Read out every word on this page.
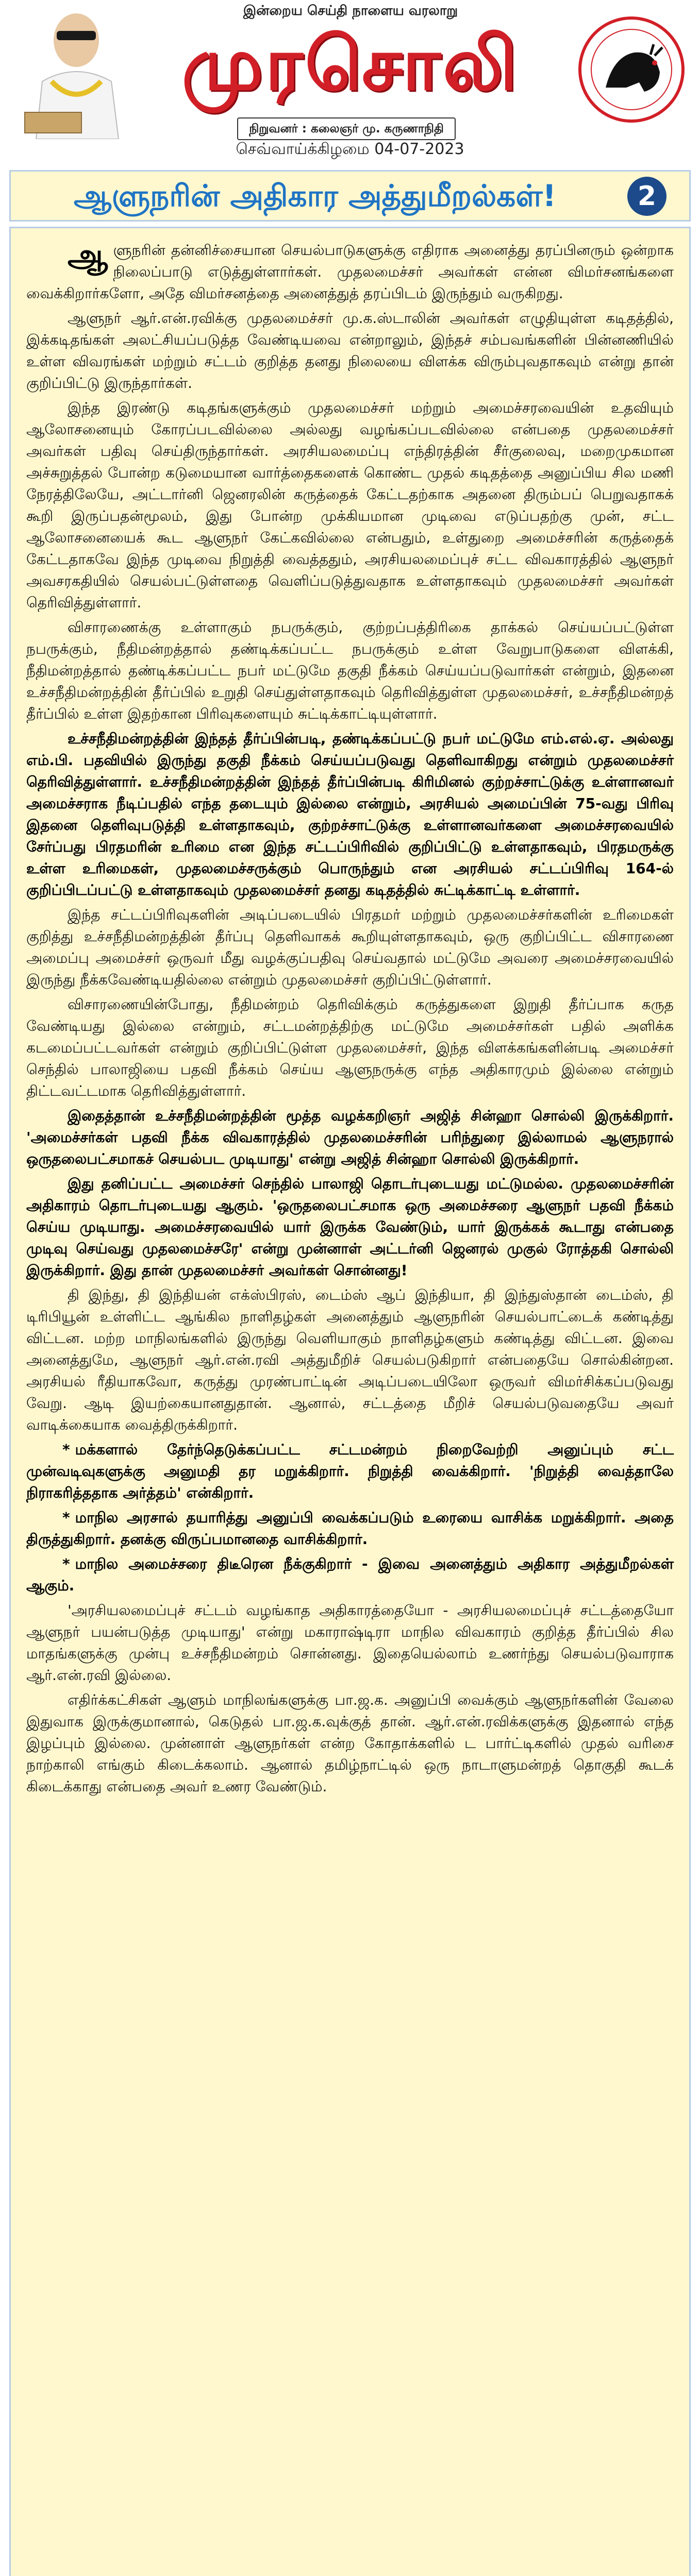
இன்றைய செய்தி நாளைய வரலாறு
முரசொலி
நிறுவனர் : கலைஞர் மு. கருணாநிதி
செவ்வாய்க்கிழமை 04-07-2023
ஆளுநரின் அதிகார அத்துமீறல்கள்!	2

ஆளுநரின் தன்னிச்சையான செயல்பாடுகளுக்கு எதிராக அனைத்து தரப்பினரும் ஒன்றாக நிலைப்பாடு எடுத்துள்ளார்கள். முதலமைச்சர் அவர்கள் என்ன விமர்சனங்களை வைக்கிறார்களோ, அதே விமர்சனத்தை அனைத்துத் தரப்பிடம் இருந்தும் வருகிறது.

ஆளுநர் ஆர்.என்.ரவிக்கு முதலமைச்சர் மு.க.ஸ்டாலின் அவர்கள் எழுதியுள்ள கடிதத்தில், இக்கடிதங்கள் அலட்சியப்படுத்த வேண்டியவை என்றாலும், இந்தச் சம்பவங்களின் பின்னணியில் உள்ள விவரங்கள் மற்றும் சட்டம் குறித்த தனது நிலையை விளக்க விரும்புவதாகவும் என்று தான் குறிப்பிட்டு இருந்தார்கள்.

இந்த இரண்டு கடிதங்களுக்கும் முதலமைச்சர் மற்றும் அமைச்சரவையின் உதவியும் ஆலோசனையும் கோரப்படவில்லை அல்லது வழங்கப்படவில்லை என்பதை முதலமைச்சர் அவர்கள் பதிவு செய்திருந்தார்கள். அரசியலமைப்பு எந்திரத்தின் சீர்குலைவு, மறைமுகமான அச்சுறுத்தல் போன்ற கடுமையான வார்த்தைகளைக் கொண்ட முதல் கடிதத்தை அனுப்பிய சில மணி நேரத்திலேயே, அட்டார்னி ஜெனரலின் கருத்தைக் கேட்டதற்காக அதனை திரும்பப் பெறுவதாகக் கூறி இருப்பதன்மூலம், இது போன்ற முக்கியமான முடிவை எடுப்பதற்கு முன், சட்ட ஆலோசனையைக் கூட ஆளுநர் கேட்கவில்லை என்பதும், உள்துறை அமைச்சரின் கருத்தைக் கேட்டதாகவே இந்த முடிவை நிறுத்தி வைத்ததும், அரசியலமைப்புச் சட்ட விவகாரத்தில் ஆளுநர் அவசரகதியில் செயல்பட்டுள்ளதை வெளிப்படுத்துவதாக உள்ளதாகவும் முதலமைச்சர் அவர்கள் தெரிவித்துள்ளார்.

விசாரணைக்கு உள்ளாகும் நபருக்கும், குற்றப்பத்திரிகை தாக்கல் செய்யப்பட்டுள்ள நபருக்கும், நீதிமன்றத்தால் தண்டிக்கப்பட்ட நபருக்கும் உள்ள வேறுபாடுகளை விளக்கி, நீதிமன்றத்தால் தண்டிக்கப்பட்ட நபர் மட்டுமே தகுதி நீக்கம் செய்யப்படுவார்கள் என்றும், இதனை உச்சநீதிமன்றத்தின் தீர்ப்பில் உறுதி செய்துள்ளதாகவும் தெரிவித்துள்ள முதலமைச்சர், உச்சநீதிமன்றத் தீர்ப்பில் உள்ள இதற்கான பிரிவுகளையும் சுட்டிக்காட்டியுள்ளார்.

உச்சநீதிமன்றத்தின் இந்தத் தீர்ப்பின்படி, தண்டிக்கப்பட்டு நபர் மட்டுமே எம்.எல்.ஏ. அல்லது எம்.பி. பதவியில் இருந்து தகுதி நீக்கம் செய்யப்படுவது தெளிவாகிறது என்றும் முதலமைச்சர் தெரிவித்துள்ளார். உச்சநீதிமன்றத்தின் இந்தத் தீர்ப்பின்படி கிரிமினல் குற்றச்சாட்டுக்கு உள்ளானவர் அமைச்சராக நீடிப்பதில் எந்த தடையும் இல்லை என்றும், அரசியல் அமைப்பின் 75-வது பிரிவு இதனை தெளிவுபடுத்தி உள்ளதாகவும், குற்றச்சாட்டுக்கு உள்ளானவர்களை அமைச்சரவையில் சேர்ப்பது பிரதமரின் உரிமை என இந்த சட்டப்பிரிவில் குறிப்பிட்டு உள்ளதாகவும், பிரதமருக்கு உள்ள உரிமைகள், முதலமைச்சருக்கும் பொருந்தும் என அரசியல் சட்டப்பிரிவு 164-ல் குறிப்பிடப்பட்டு உள்ளதாகவும் முதலமைச்சர் தனது கடிதத்தில் சுட்டிக்காட்டி உள்ளார்.

இந்த சட்டப்பிரிவுகளின் அடிப்படையில் பிரதமர் மற்றும் முதலமைச்சர்களின் உரிமைகள் குறித்து உச்சநீதிமன்றத்தின் தீர்ப்பு தெளிவாகக் கூறியுள்ளதாகவும், ஒரு குறிப்பிட்ட விசாரணை அமைப்பு அமைச்சர் ஒருவர் மீது வழக்குப்பதிவு செய்வதால் மட்டுமே அவரை அமைச்சரவையில் இருந்து நீக்கவேண்டியதில்லை என்றும் முதலமைச்சர் குறிப்பிட்டுள்ளார்.

விசாரணையின்போது, நீதிமன்றம் தெரிவிக்கும் கருத்துகளை இறுதி தீர்ப்பாக கருத வேண்டியது இல்லை என்றும், சட்டமன்றத்திற்கு மட்டுமே அமைச்சர்கள் பதில் அளிக்க கடமைப்பட்டவர்கள் என்றும் குறிப்பிட்டுள்ள முதலமைச்சர், இந்த விளக்கங்களின்படி அமைச்சர் செந்தில் பாலாஜியை பதவி நீக்கம் செய்ய ஆளுநருக்கு எந்த அதிகாரமும் இல்லை என்றும் திட்டவட்டமாக தெரிவித்துள்ளார்.

இதைத்தான் உச்சநீதிமன்றத்தின் மூத்த வழக்கறிஞர் அஜித் சின்ஹா சொல்லி இருக்கிறார். 'அமைச்சர்கள் பதவி நீக்க விவகாரத்தில் முதலமைச்சரின் பரிந்துரை இல்லாமல் ஆளுநரால் ஒருதலைபட்சமாகச் செயல்பட முடியாது' என்று அஜித் சின்ஹா சொல்லி இருக்கிறார்.

இது தனிப்பட்ட அமைச்சர் செந்தில் பாலாஜி தொடர்புடையது மட்டுமல்ல. முதலமைச்சரின் அதிகாரம் தொடர்புடையது ஆகும். 'ஒருதலைபட்சமாக ஒரு அமைச்சரை ஆளுநர் பதவி நீக்கம் செய்ய முடியாது. அமைச்சரவையில் யார் இருக்க வேண்டும், யார் இருக்கக் கூடாது என்பதை முடிவு செய்வது முதலமைச்சரே' என்று முன்னாள் அட்டர்னி ஜெனரல் முகுல் ரோத்தகி சொல்லி இருக்கிறார். இது தான் முதலமைச்சர் அவர்கள் சொன்னது!

தி இந்து, தி இந்தியன் எக்ஸ்பிரஸ், டைம்ஸ் ஆப் இந்தியா, தி இந்துஸ்தான் டைம்ஸ், தி டிரிபியூன் உள்ளிட்ட ஆங்கில நாளிதழ்கள் அனைத்தும் ஆளுநரின் செயல்பாட்டைக் கண்டித்து விட்டன. மற்ற மாநிலங்களில் இருந்து வெளியாகும் நாளிதழ்களும் கண்டித்து விட்டன. இவை அனைத்துமே, ஆளுநர் ஆர்.என்.ரவி அத்துமீறிச் செயல்படுகிறார் என்பதையே சொல்கின்றன. அரசியல் ரீதியாகவோ, கருத்து முரண்பாட்டின் அடிப்படையிலோ ஒருவர் விமர்சிக்கப்படுவது வேறு. ஆடி இயற்கையானதுதான். ஆனால், சட்டத்தை மீறிச் செயல்படுவதையே அவர் வாடிக்கையாக வைத்திருக்கிறார்.

* மக்களால் தேர்ந்தெடுக்கப்பட்ட சட்டமன்றம் நிறைவேற்றி அனுப்பும் சட்ட முன்வடிவுகளுக்கு அனுமதி தர மறுக்கிறார். நிறுத்தி வைக்கிறார். 'நிறுத்தி வைத்தாலே நிராகரித்ததாக அர்த்தம்' என்கிறார்.

* மாநில அரசால் தயாரித்து அனுப்பி வைக்கப்படும் உரையை வாசிக்க மறுக்கிறார். அதை திருத்துகிறார். தனக்கு விருப்பமானதை வாசிக்கிறார்.

* மாநில அமைச்சரை திடீரென நீக்குகிறார் - இவை அனைத்தும் அதிகார அத்துமீறல்கள் ஆகும்.

'அரசியலமைப்புச் சட்டம் வழங்காத அதிகாரத்தையோ - அரசியலமைப்புச் சட்டத்தையோ ஆளுநர் பயன்படுத்த முடியாது' என்று மகாராஷ்டிரா மாநில விவகாரம் குறித்த தீர்ப்பில் சில மாதங்களுக்கு முன்பு உச்சநீதிமன்றம் சொன்னது. இதையெல்லாம் உணர்ந்து செயல்படுவாராக ஆர்.என்.ரவி இல்லை.

எதிர்க்கட்சிகள் ஆளும் மாநிலங்களுக்கு பா.ஜ.க. அனுப்பி வைக்கும் ஆளுநர்களின் வேலை இதுவாக இருக்குமானால், கெடுதல் பா.ஜ.க.வுக்குத் தான். ஆர்.என்.ரவிக்களுக்கு இதனால் எந்த இழப்பும் இல்லை. முன்னாள் ஆளுநர்கள் என்ற கோதாக்களில் ட பார்ட்டிகளில் முதல் வரிசை நாற்காலி எங்கும் கிடைக்கலாம். ஆனால் தமிழ்நாட்டில் ஒரு நாடாளுமன்றத் தொகுதி கூடக் கிடைக்காது என்பதை அவர் உணர வேண்டும்.
